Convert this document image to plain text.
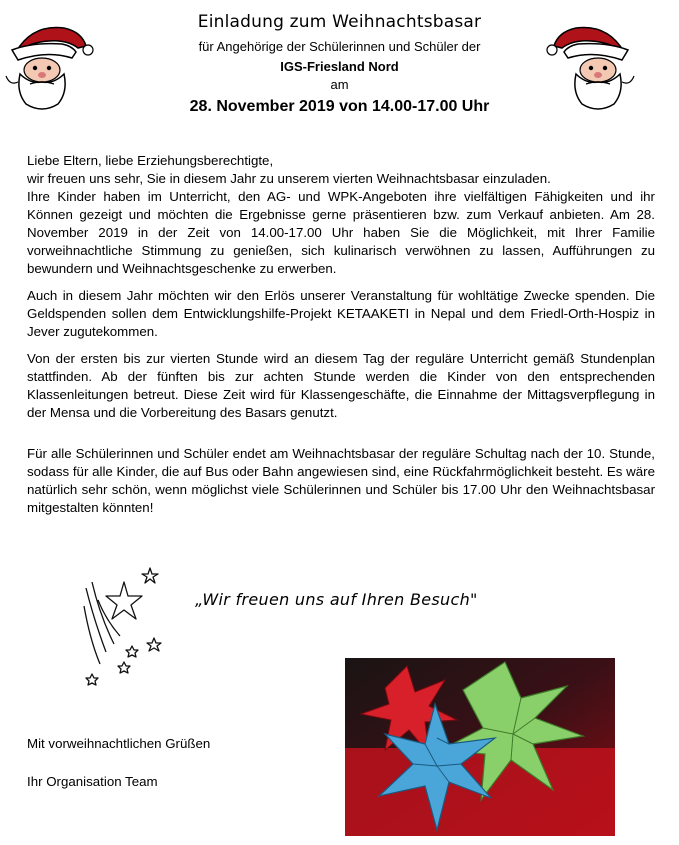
Einladung zum Weihnachtsbasar
für Angehörige der Schülerinnen und Schüler der
IGS-Friesland Nord
am
28. November 2019 von 14.00-17.00 Uhr
Liebe Eltern, liebe Erziehungsberechtigte,
wir freuen uns sehr, Sie in diesem Jahr zu unserem vierten Weihnachtsbasar einzuladen.
Ihre Kinder haben im Unterricht, den AG- und WPK-Angeboten ihre vielfältigen Fähigkeiten und ihr Können gezeigt und möchten die Ergebnisse gerne präsentieren bzw. zum Verkauf anbieten. Am 28. November 2019 in der Zeit von 14.00-17.00 Uhr haben Sie die Möglichkeit, mit Ihrer Familie vorweihnachtliche Stimmung zu genießen, sich kulinarisch verwöhnen zu lassen, Aufführungen zu bewundern und Weihnachtsgeschenke zu erwerben.
Auch in diesem Jahr möchten wir den Erlös unserer Veranstaltung für wohltätige Zwecke spenden. Die Geldspenden sollen dem Entwicklungshilfe-Projekt KETAAKETI in Nepal und dem Friedl-Orth-Hospiz in Jever zugutekommen.
Von der ersten bis zur vierten Stunde wird an diesem Tag der reguläre Unterricht gemäß Stundenplan stattfinden. Ab der fünften bis zur achten Stunde werden die Kinder von den entsprechenden Klassenleitungen betreut. Diese Zeit wird für Klassengeschäfte, die Einnahme der Mittagsverpflegung in der Mensa und die Vorbereitung des Basars genutzt.
Für alle Schülerinnen und Schüler endet am Weihnachtsbasar der reguläre Schultag nach der 10. Stunde, sodass für alle Kinder, die auf Bus oder Bahn angewiesen sind, eine Rückfahrmöglichkeit besteht. Es wäre natürlich sehr schön, wenn möglichst viele Schülerinnen und Schüler bis 17.00 Uhr den Weihnachtsbasar mitgestalten könnten!
„Wir freuen uns auf Ihren Besuch"
Mit vorweihnachtlichen Grüßen
Ihr Organisation Team
